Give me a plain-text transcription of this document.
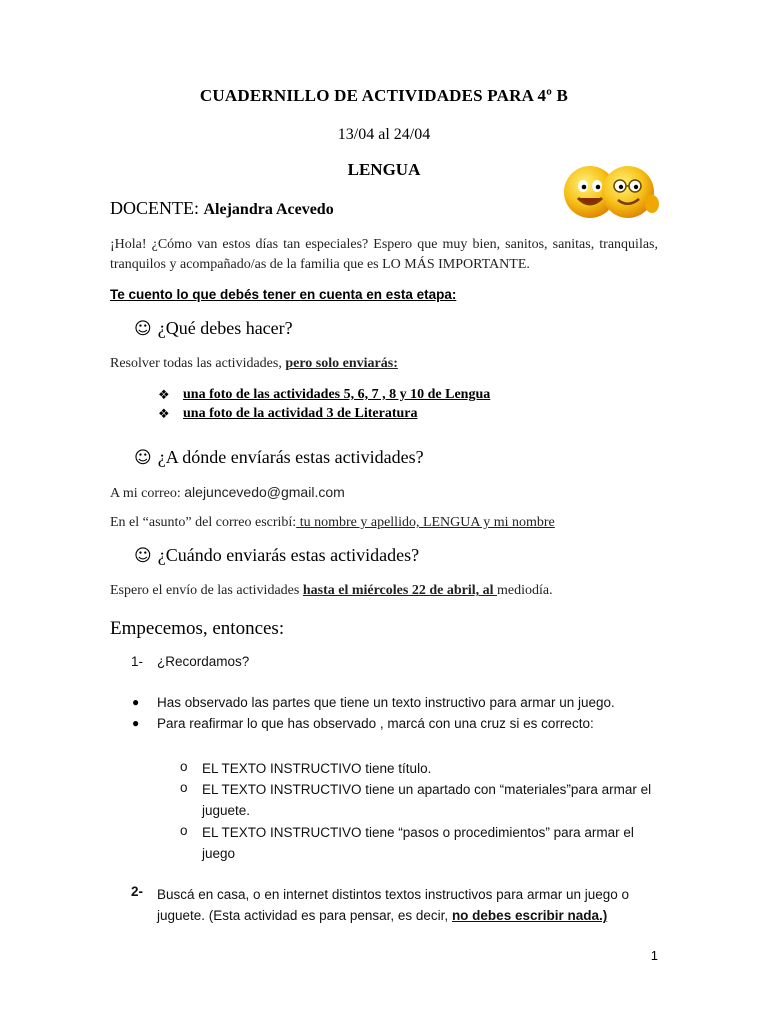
CUADERNILLO DE ACTIVIDADES PARA 4º B
13/04 al 24/04
LENGUA
DOCENTE: Alejandra Acevedo
¡Hola! ¿Cómo van estos días tan especiales? Espero que muy bien, sanitos, sanitas, tranquilas, tranquilos y acompañado/as de la familia que es LO MÁS IMPORTANTE.
Te cuento lo que debés tener en cuenta en esta etapa:
☺ ¿Qué debes hacer?
Resolver todas las actividades, pero solo enviarás:
❖ una foto de las actividades 5, 6, 7 , 8 y 10 de Lengua
❖ una foto de la actividad 3 de Literatura
☺ ¿A dónde envíarás estas actividades?
A mi correo: alejuncevedo@gmail.com
En el “asunto” del correo escribí: tu nombre y apellido, LENGUA y mi nombre
☺ ¿Cuándo enviarás estas actividades?
Espero el envío de las actividades hasta el miércoles 22 de abril, al mediodía.
Empecemos, entonces:
1- ¿Recordamos?
● Has observado las partes que tiene un texto instructivo para armar un juego.
● Para reafirmar lo que has observado , marcá con una cruz si es correcto:
o EL TEXTO INSTRUCTIVO tiene título.
o EL TEXTO INSTRUCTIVO tiene un apartado con “materiales”para armar el juguete.
o EL TEXTO INSTRUCTIVO tiene “pasos o procedimientos” para armar el juego
2- Buscá en casa, o en internet distintos textos instructivos para armar un juego o juguete. (Esta actividad es para pensar, es decir, no debes escribir nada.)
1
